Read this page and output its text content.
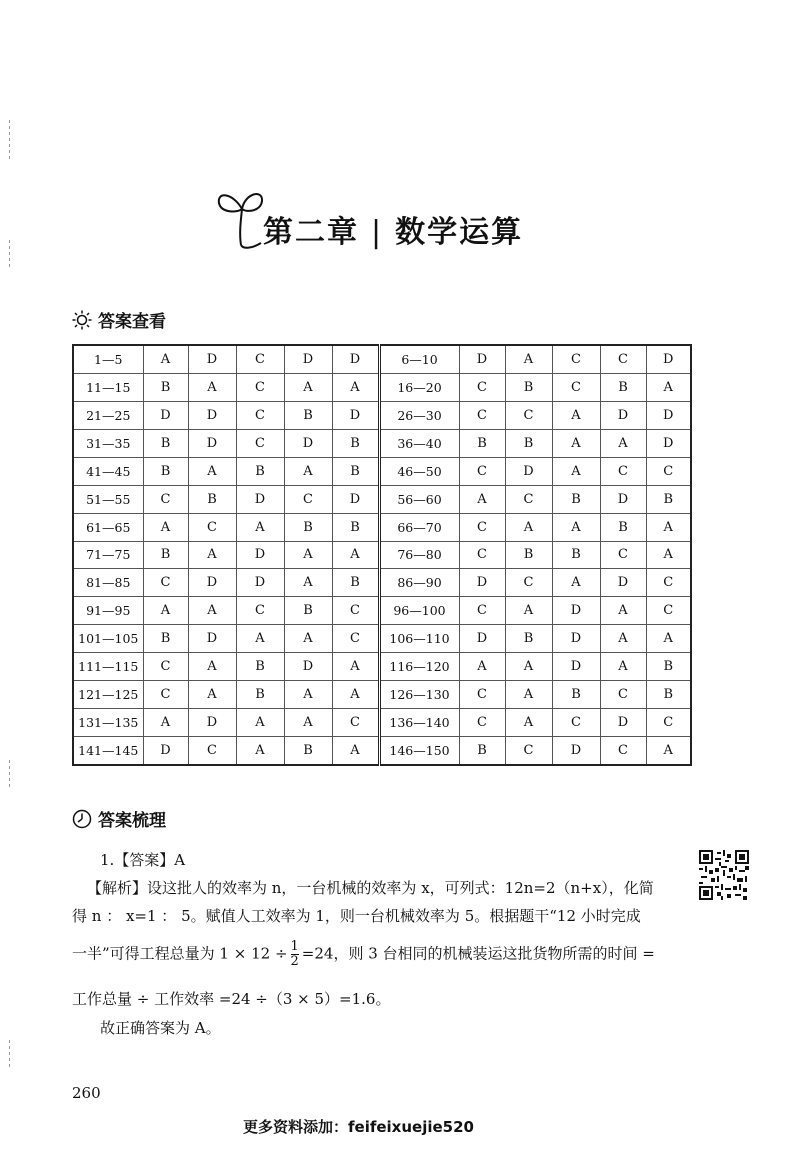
第二章 | 数学运算
答案查看
1—5	A	D	C	D	D	6—10	D	A	C	C	D
11—15	B	A	C	A	A	16—20	C	B	C	B	A
21—25	D	D	C	B	D	26—30	C	C	A	D	D
31—35	B	D	C	D	B	36—40	B	B	A	A	D
41—45	B	A	B	A	B	46—50	C	D	A	C	C
51—55	C	B	D	C	D	56—60	A	C	B	D	B
61—65	A	C	A	B	B	66—70	C	A	A	B	A
71—75	B	A	D	A	A	76—80	C	B	B	C	A
81—85	C	D	D	A	B	86—90	D	C	A	D	C
91—95	A	A	C	B	C	96—100	C	A	D	A	C
101—105	B	D	A	A	C	106—110	D	B	D	A	A
111—115	C	A	B	D	A	116—120	A	A	D	A	B
121—125	C	A	B	A	A	126—130	C	A	B	C	B
131—135	A	D	A	A	C	136—140	C	A	C	D	C
141—145	D	C	A	B	A	146—150	B	C	D	C	A
答案梳理
1.【答案】A
【解析】设这批人的效率为 n，一台机械的效率为 x，可列式：12n=2（n+x），化简
得 n ： x=1 ： 5。赋值人工效率为 1，则一台机械效率为 5。根据题干“12 小时完成
一半”可得工程总量为 $1 \times 12 \div \frac{1}{2} =24$，则 3 台相同的机械装运这批货物所需的时间 =
工作总量 ÷ 工作效率 =24 ÷（3 × 5）=1.6。
故正确答案为 A。
260
更多资料添加：feifeixuejie520
